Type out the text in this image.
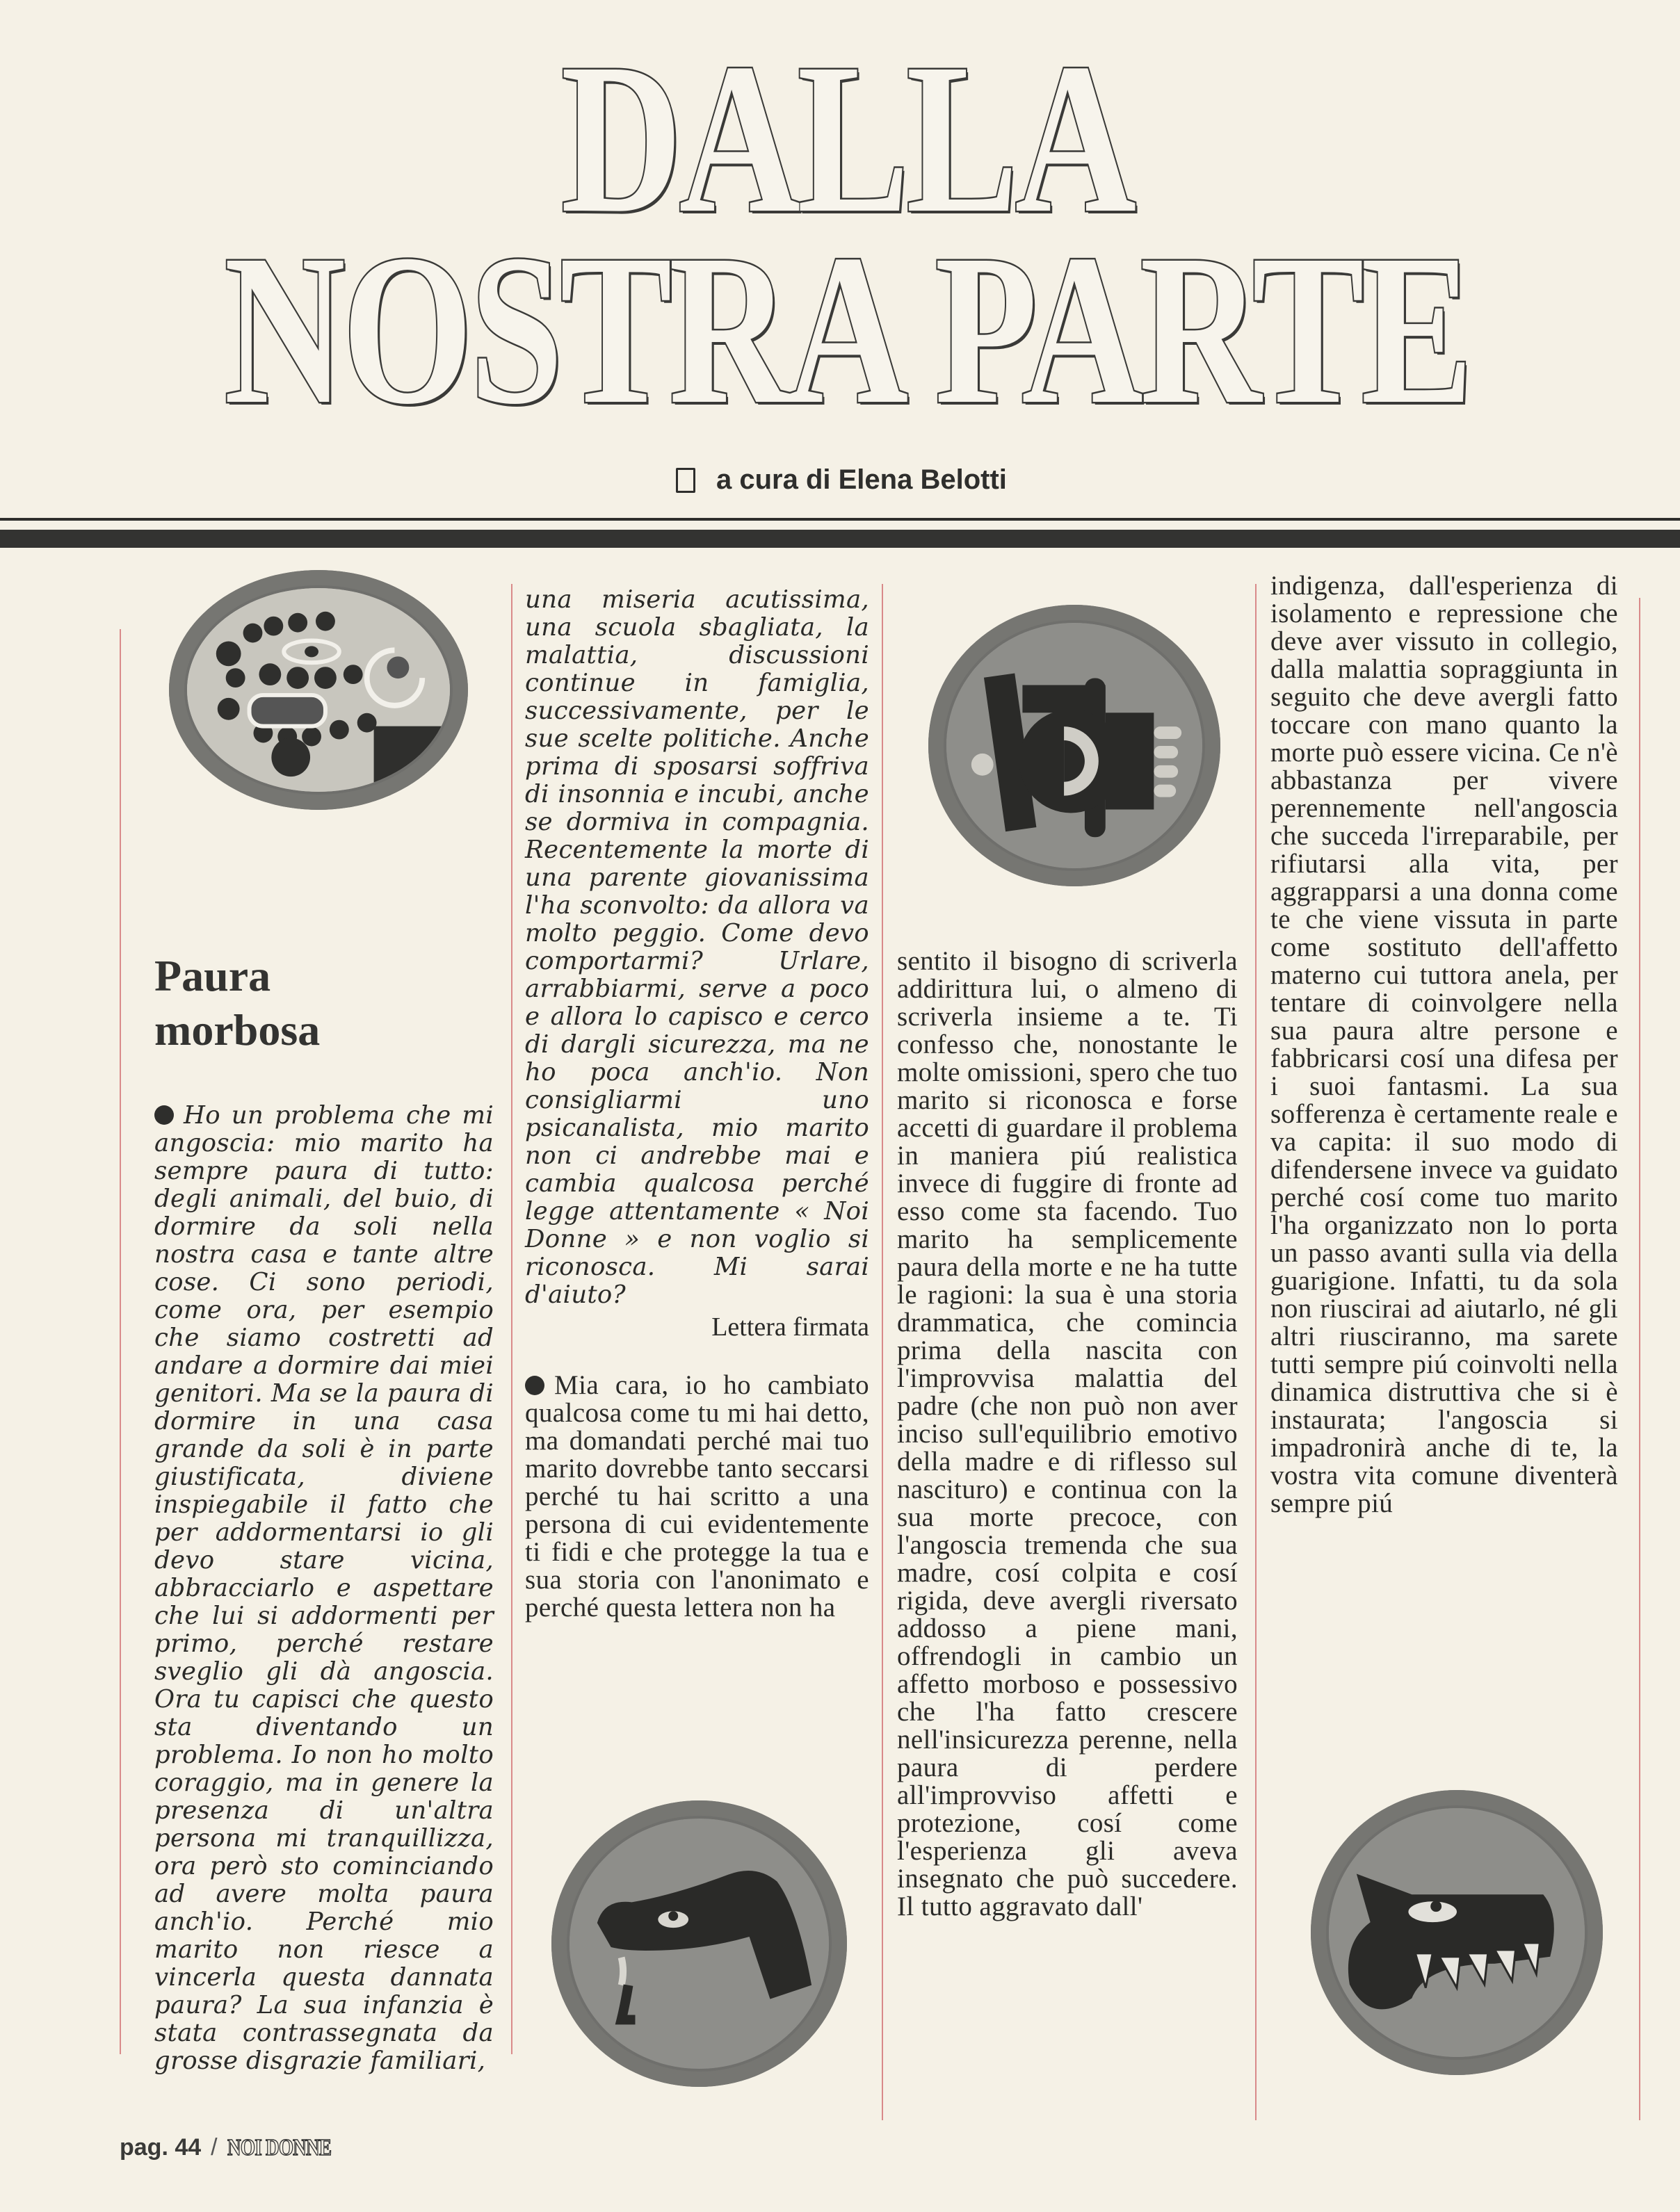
DALLA
NOSTRA PARTE
a cura di Elena Belotti
Paura
morbosa

Ho un problema che mi angoscia: mio marito ha sempre paura di tutto: degli animali, del buio, di dormire da soli nella nostra casa e tante altre cose. Ci sono periodi, come ora, per esempio che siamo costretti ad andare a dormire dai miei genitori. Ma se la paura di dormire in una casa grande da soli è in parte giustificata, diviene inspiegabile il fatto che per addormentarsi io gli devo stare vicina, abbracciarlo e aspettare che lui si addormenti per primo, perché restare sveglio gli dà angoscia. Ora tu capisci che questo sta diventando un problema. Io non ho molto coraggio, ma in genere la presenza di un'altra persona mi tranquillizza, ora però sto cominciando ad avere molta paura anch'io. Perché mio marito non riesce a vincerla questa dannata paura? La sua infanzia è stata contrassegnata da grosse disgrazie familiari,

una miseria acutissima, una scuola sbagliata, la malattia, discussioni continue in famiglia, successivamente, per le sue scelte politiche. Anche prima di sposarsi soffriva di insonnia e incubi, anche se dormiva in compagnia. Recentemente la morte di una parente giovanissima l'ha sconvolto: da allora va molto peggio. Come devo comportarmi? Urlare, arrabbiarmi, serve a poco e allora lo capisco e cerco di dargli sicurezza, ma ne ho poca anch'io. Non consigliarmi uno psicanalista, mio marito non ci andrebbe mai e cambia qualcosa perché legge attentamente « Noi Donne » e non voglio si riconosca. Mi sarai d'aiuto?

Lettera firmata

Mia cara, io ho cambiato qualcosa come tu mi hai detto, ma domandati perché mai tuo marito dovrebbe tanto seccarsi perché tu hai scritto a una persona di cui evidentemente ti fidi e che protegge la tua e sua storia con l'anonimato e perché questa lettera non ha

sentito il bisogno di scriverla addirittura lui, o almeno di scriverla insieme a te. Ti confesso che, nonostante le molte omissioni, spero che tuo marito si riconosca e forse accetti di guardare il problema in maniera piú realistica invece di fuggire di fronte ad esso come sta facendo. Tuo marito ha semplicemente paura della morte e ne ha tutte le ragioni: la sua è una storia drammatica, che comincia prima della nascita con l'improvvisa malattia del padre (che non può non aver inciso sull'equilibrio emotivo della madre e di riflesso sul nascituro) e continua con la sua morte precoce, con l'angoscia tremenda che sua madre, cosí colpita e cosí rigida, deve avergli riversato addosso a piene mani, offrendogli in cambio un affetto morboso e possessivo che l'ha fatto crescere nell'insicurezza perenne, nella paura di perdere all'improvviso affetti e protezione, cosí come l'esperienza gli aveva insegnato che può succedere. Il tutto aggravato dall'

indigenza, dall'esperienza di isolamento e repressione che deve aver vissuto in collegio, dalla malattia sopraggiunta in seguito che deve avergli fatto toccare con mano quanto la morte può essere vicina. Ce n'è abbastanza per vivere perennemente nell'angoscia che succeda l'irreparabile, per rifiutarsi alla vita, per aggrapparsi a una donna come te che viene vissuta in parte come sostituto dell'affetto materno cui tuttora anela, per tentare di coinvolgere nella sua paura altre persone e fabbricarsi cosí una difesa per i suoi fantasmi. La sua sofferenza è certamente reale e va capita: il suo modo di difendersene invece va guidato perché cosí come tuo marito l'ha organizzato non lo porta un passo avanti sulla via della guarigione. Infatti, tu da sola non riuscirai ad aiutarlo, né gli altri riusciranno, ma sarete tutti sempre piú coinvolti nella dinamica distruttiva che si è instaurata; l'angoscia si impadronirà anche di te, la vostra vita comune diventerà sempre piú

pag. 44 / NOI DONNE
